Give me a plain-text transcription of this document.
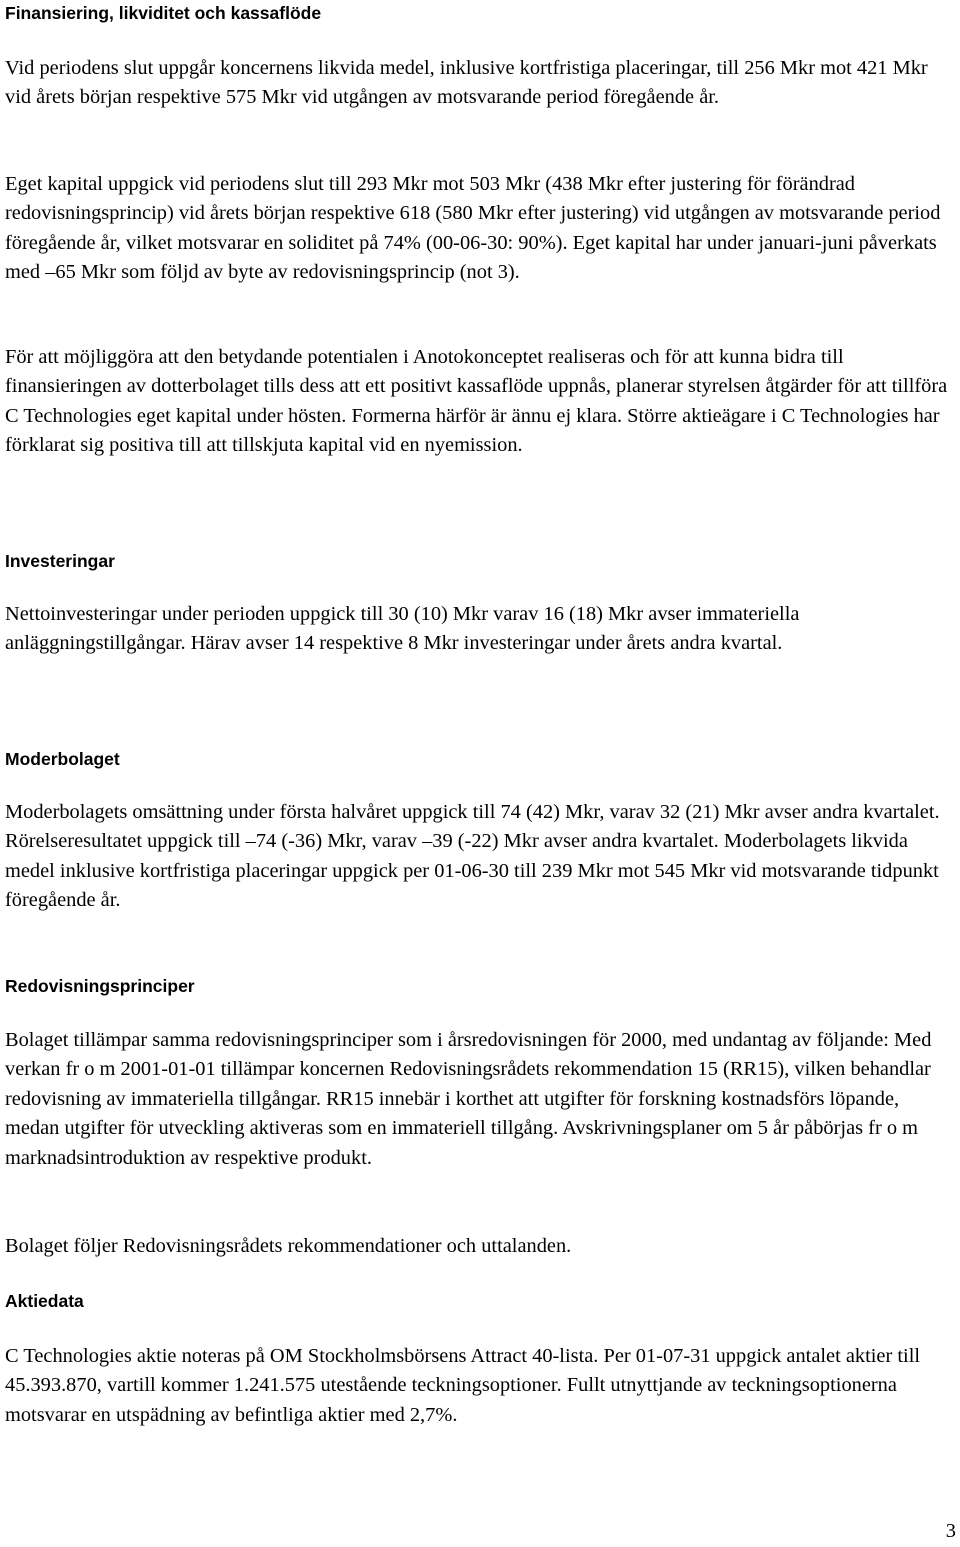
Finansiering, likviditet och kassaflöde

Vid periodens slut uppgår koncernens likvida medel, inklusive kortfristiga placeringar, till 256 Mkr mot 421 Mkr vid årets början respektive 575 Mkr vid utgången av motsvarande period föregående år.

Eget kapital uppgick vid periodens slut till 293 Mkr mot 503 Mkr (438 Mkr efter justering för förändrad redovisningsprincip) vid årets början respektive 618 (580 Mkr efter justering) vid utgången av motsvarande period föregående år, vilket motsvarar en soliditet på 74% (00-06-30: 90%). Eget kapital har under januari-juni påverkats med –65 Mkr som följd av byte av redovisningsprincip (not 3).

För att möjliggöra att den betydande potentialen i Anotokonceptet realiseras och för att kunna bidra till finansieringen av dotterbolaget tills dess att ett positivt kassaflöde uppnås, planerar styrelsen åtgärder för att tillföra C Technologies eget kapital under hösten. Formerna härför är ännu ej klara. Större aktieägare i C Technologies har förklarat sig positiva till att tillskjuta kapital vid en nyemission.

Investeringar

Nettoinvesteringar under perioden uppgick till 30 (10) Mkr varav 16 (18) Mkr avser immateriella anläggningstillgångar. Härav avser 14 respektive 8 Mkr investeringar under årets andra kvartal.

Moderbolaget

Moderbolagets omsättning under första halvåret uppgick till 74 (42) Mkr, varav 32 (21) Mkr avser andra kvartalet. Rörelseresultatet uppgick till –74 (-36) Mkr, varav –39 (-22) Mkr avser andra kvartalet. Moderbolagets likvida medel inklusive kortfristiga placeringar uppgick per 01-06-30 till 239 Mkr mot 545 Mkr vid motsvarande tidpunkt föregående år.

Redovisningsprinciper

Bolaget tillämpar samma redovisningsprinciper som i årsredovisningen för 2000, med undantag av följande: Med verkan fr o m 2001-01-01 tillämpar koncernen Redovisningsrådets rekommendation 15 (RR15), vilken behandlar redovisning av immateriella tillgångar. RR15 innebär i korthet att utgifter för forskning kostnadsförs löpande, medan utgifter för utveckling aktiveras som en immateriell tillgång. Avskrivningsplaner om 5 år påbörjas fr o m marknadsintroduktion av respektive produkt.

Bolaget följer Redovisningsrådets rekommendationer och uttalanden.

Aktiedata

C Technologies aktie noteras på OM Stockholmsbörsens Attract 40-lista. Per 01-07-31 uppgick antalet aktier till 45.393.870, vartill kommer 1.241.575 utestående teckningsoptioner. Fullt utnyttjande av teckningsoptionerna motsvarar en utspädning av befintliga aktier med 2,7%.

3
